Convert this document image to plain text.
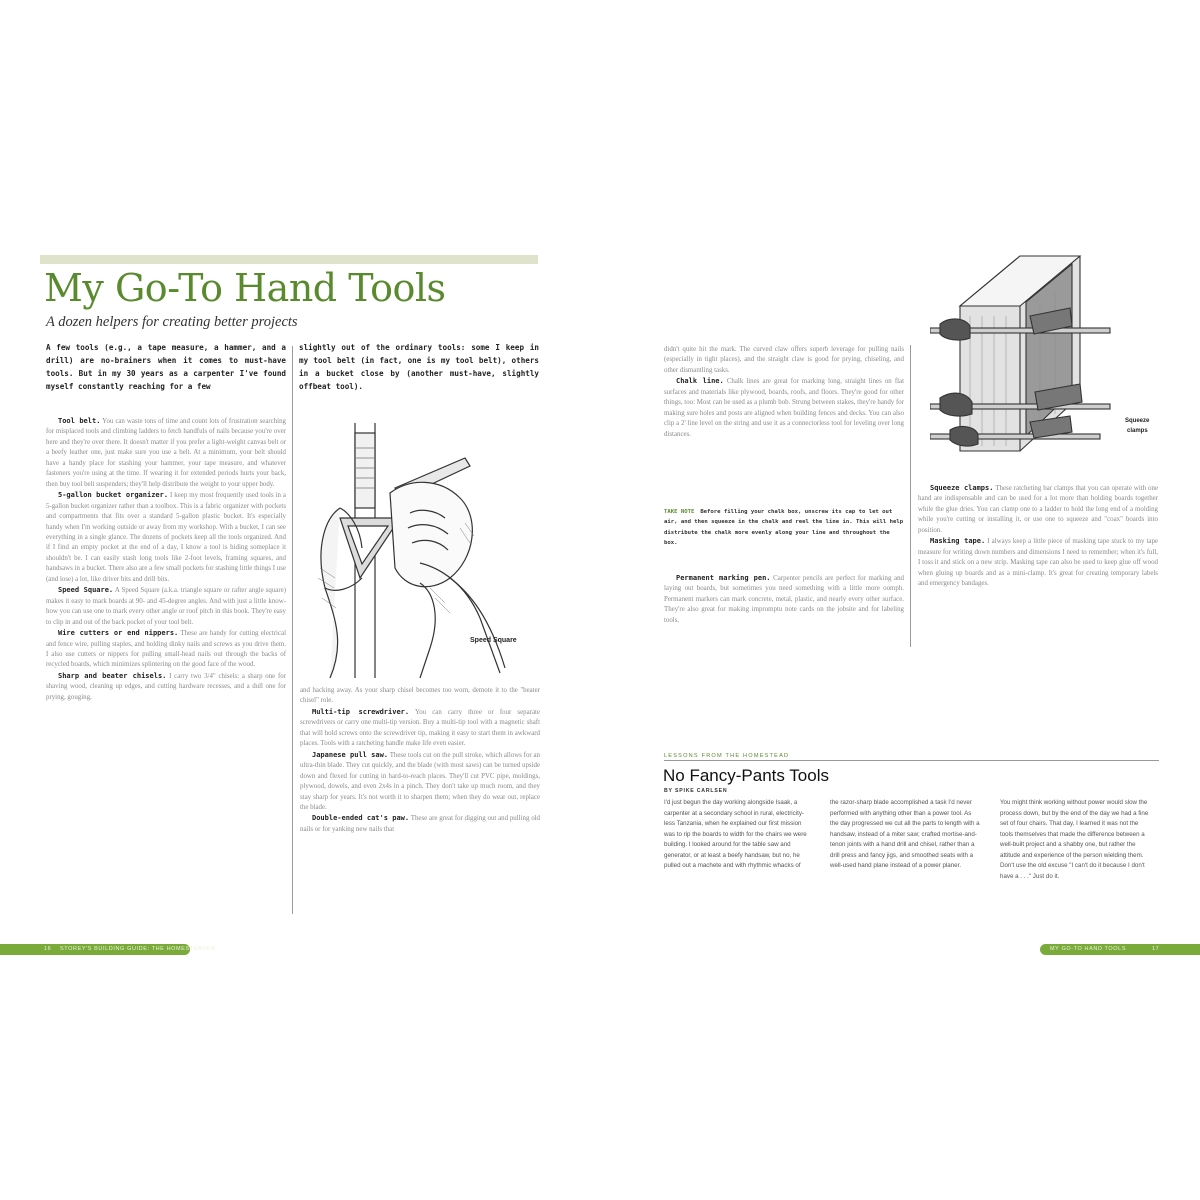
My Go-To Hand Tools
A dozen helpers for creating better projects
A few tools (e.g., a tape measure, a hammer, and a drill) are no-brainers when it comes to must-have tools. But in my 30 years as a carpenter I've found myself constantly reaching for a few
slightly out of the ordinary tools: some I keep in my tool belt (in fact, one is my tool belt), others in a bucket close by (another must-have, slightly offbeat tool).

Tool belt. You can waste tons of time and count lots of frustration searching for misplaced tools and climbing ladders to fetch handfuls of nails because you're over here and they're over there. It doesn't matter if you prefer a light-weight canvas belt or a beefy leather one, just make sure you use a belt. At a minimum, your belt should have a handy place for stashing your hammer, your tape measure, and whatever fasteners you're using at the time. If wearing it for extended periods hurts your back, then buy tool belt suspenders; they'll help distribute the weight to your upper body.

5-gallon bucket organizer. I keep my most frequently used tools in a 5-gallon bucket organizer rather than a toolbox. This is a fabric organizer with pockets and compartments that fits over a standard 5-gallon plastic bucket. It's especially handy when I'm working outside or away from my workshop. With a bucket, I can see everything in a single glance. The dozens of pockets keep all the tools organized. And if I find an empty pocket at the end of a day, I know a tool is hiding someplace it shouldn't be. I can easily stash long tools like 2-foot levels, framing squares, and handsaws in a bucket. There also are a few small pockets for stashing little things I use (and lose) a lot, like driver bits and drill bits.

Speed Square. A Speed Square (a.k.a. triangle square or rafter angle square) makes it easy to mark boards at 90- and 45-degree angles. And with just a little know-how you can use one to mark every other angle or roof pitch in this book. They're easy to clip in and out of the back pocket of your tool belt.

Wire cutters or end nippers. These are handy for cutting electrical and fence wire, pulling staples, and holding dinky nails and screws as you drive them. I also use cutters or nippers for pulling small-head nails out through the backs of recycled boards, which minimizes splintering on the good face of the wood.

Sharp and beater chisels. I carry two 3/4" chisels: a sharp one for shaving wood, cleaning up edges, and cutting hardware recesses, and a dull one for prying, gouging,

Speed Square

and hacking away. As your sharp chisel becomes too worn, demote it to the "beater chisel" role.

Multi-tip screwdriver. You can carry three or four separate screwdrivers or carry one multi-tip version. Buy a multi-tip tool with a magnetic shaft that will hold screws onto the screwdriver tip, making it easy to start them in awkward places. Tools with a ratcheting handle make life even easier.

Japanese pull saw. These tools cut on the pull stroke, which allows for an ultra-thin blade. They cut quickly, and the blade (with most saws) can be turned upside down and flexed for cutting in hard-to-reach places. They'll cut PVC pipe, moldings, plywood, dowels, and even 2x4s in a pinch. They don't take up much room, and they stay sharp for years. It's not worth it to sharpen them; when they do wear out, replace the blade.

Double-ended cat's paw. These are great for digging out and pulling old nails or for yanking new nails that

16 STOREY'S BUILDING GUIDE: THE HOMESTEADER

didn't quite hit the mark. The curved claw offers superb leverage for pulling nails (especially in tight places), and the straight claw is good for prying, chiseling, and other dismantling tasks.

Chalk line. Chalk lines are great for marking long, straight lines on flat surfaces and materials like plywood, boards, roofs, and floors. They're good for other things, too: Most can be used as a plumb bob. Strung between stakes, they're handy for making sure holes and posts are aligned when building fences and decks. You can also clip a 2' line level on the string and use it as a connectorless tool for leveling over long distances.

TAKE NOTE Before filling your chalk box, unscrew its cap to let out air, and then squeeze in the chalk and reel the line in. This will help distribute the chalk more evenly along your line and throughout the box.

Permanent marking pen. Carpenter pencils are perfect for marking and laying out boards, but sometimes you need something with a little more oomph. Permanent markers can mark concrete, metal, plastic, and nearly every other surface. They're also great for making impromptu note cards on the jobsite and for labeling tools.

Squeeze
clamps

Squeeze clamps. These ratcheting bar clamps that you can operate with one hand are indispensable and can be used for a lot more than holding boards together while the glue dries. You can clamp one to a ladder to hold the long end of a molding while you're cutting or installing it, or use one to squeeze and "coax" boards into position.

Masking tape. I always keep a little piece of masking tape stuck to my tape measure for writing down numbers and dimensions I need to remember; when it's full, I toss it and stick on a new strip. Masking tape can also be used to keep glue off wood when gluing up boards and as a mini-clamp. It's great for creating temporary labels and emergency bandages.

LESSONS FROM THE HOMESTEAD
No Fancy-Pants Tools
BY SPIKE CARLSEN

I'd just begun the day working alongside Isaak, a carpenter at a secondary school in rural, electricity-less Tanzania, when he explained our first mission was to rip the boards to width for the chairs we were building. I looked around for the table saw and generator, or at least a beefy handsaw, but no, he pulled out a machete and with rhythmic whacks of

the razor-sharp blade accomplished a task I'd never performed with anything other than a power tool. As the day progressed we cut all the parts to length with a handsaw, instead of a miter saw; crafted mortise-and-tenon joints with a hand drill and chisel, rather than a drill press and fancy jigs, and smoothed seats with a well-used hand plane instead of a power planer.

You might think working without power would slow the process down, but by the end of the day we had a fine set of four chairs. That day, I learned it was not the tools themselves that made the difference between a well-built project and a shabby one, but rather the attitude and experience of the person wielding them. Don't use the old excuse "I can't do it because I don't have a . . ." Just do it.

MY GO-TO HAND TOOLS	17
